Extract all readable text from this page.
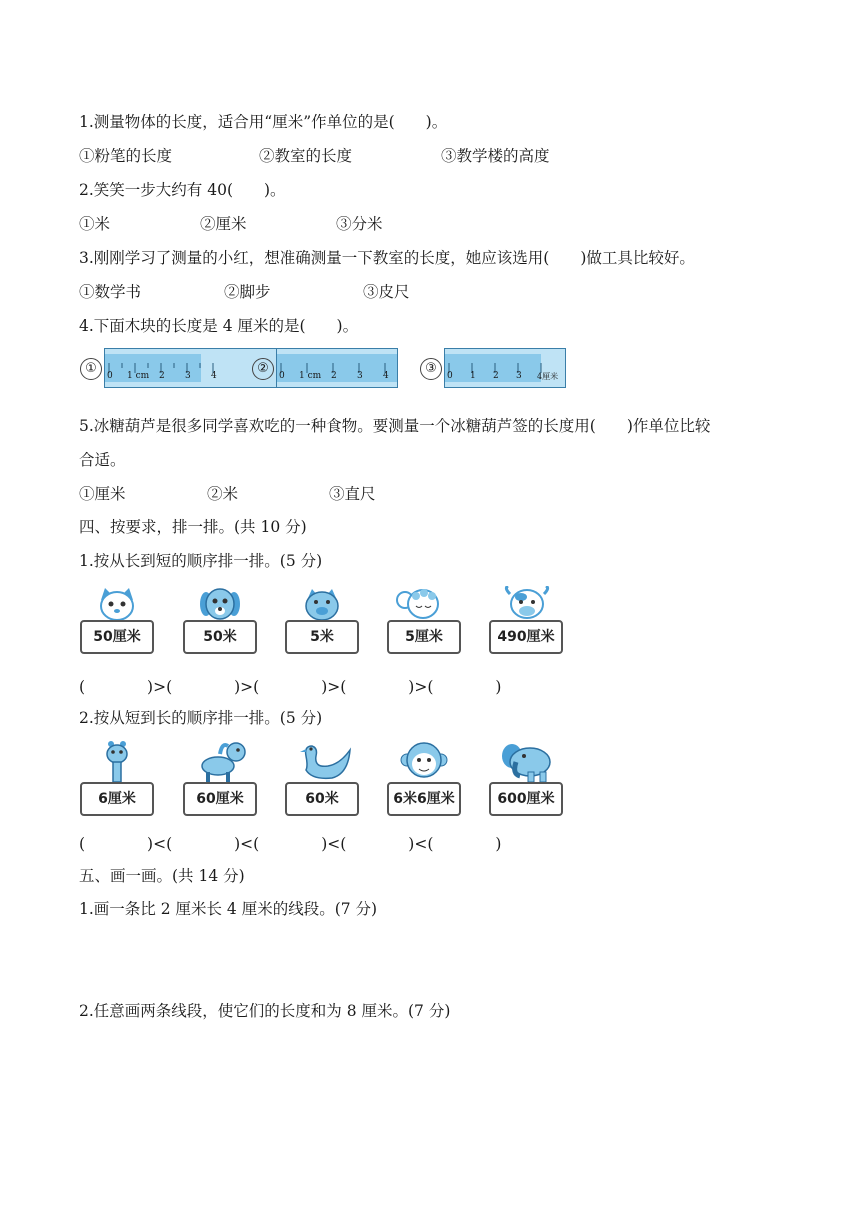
1.测量物体的长度，适合用“厘米”作单位的是(　　)。
①粉笔的长度	②教室的长度	③教学楼的高度
2.笑笑一步大约有 40(　　)。
①米	②厘米	③分米
3.刚刚学习了测量的小红，想准确测量一下教室的长度，她应该选用(　　)做工具比较好。
①数学书	②脚步	③皮尺
4.下面木块的长度是 4 厘米的是(　　)。
①	0 1 cm 2 3 4	②	0 1 cm 2 3 4	③	0 1 2 3 4厘米
5.冰糖葫芦是很多同学喜欢吃的一种食物。要测量一个冰糖葫芦签的长度用(　　)作单位比较
合适。
①厘米	②米	③直尺
四、按要求，排一排。(共 10 分)
1.按从长到短的顺序排一排。(5 分)
50厘米	50米	5米	5厘米	490厘米
(　　　　)>(　　　　)>(　　　　)>(　　　　)>(　　　　)
2.按从短到长的顺序排一排。(5 分)
6厘米	60厘米	60米	6米6厘米	600厘米
(　　　　)<(　　　　)<(　　　　)<(　　　　)<(　　　　)
五、画一画。(共 14 分)
1.画一条比 2 厘米长 4 厘米的线段。(7 分)
2.任意画两条线段，使它们的长度和为 8 厘米。(7 分)
